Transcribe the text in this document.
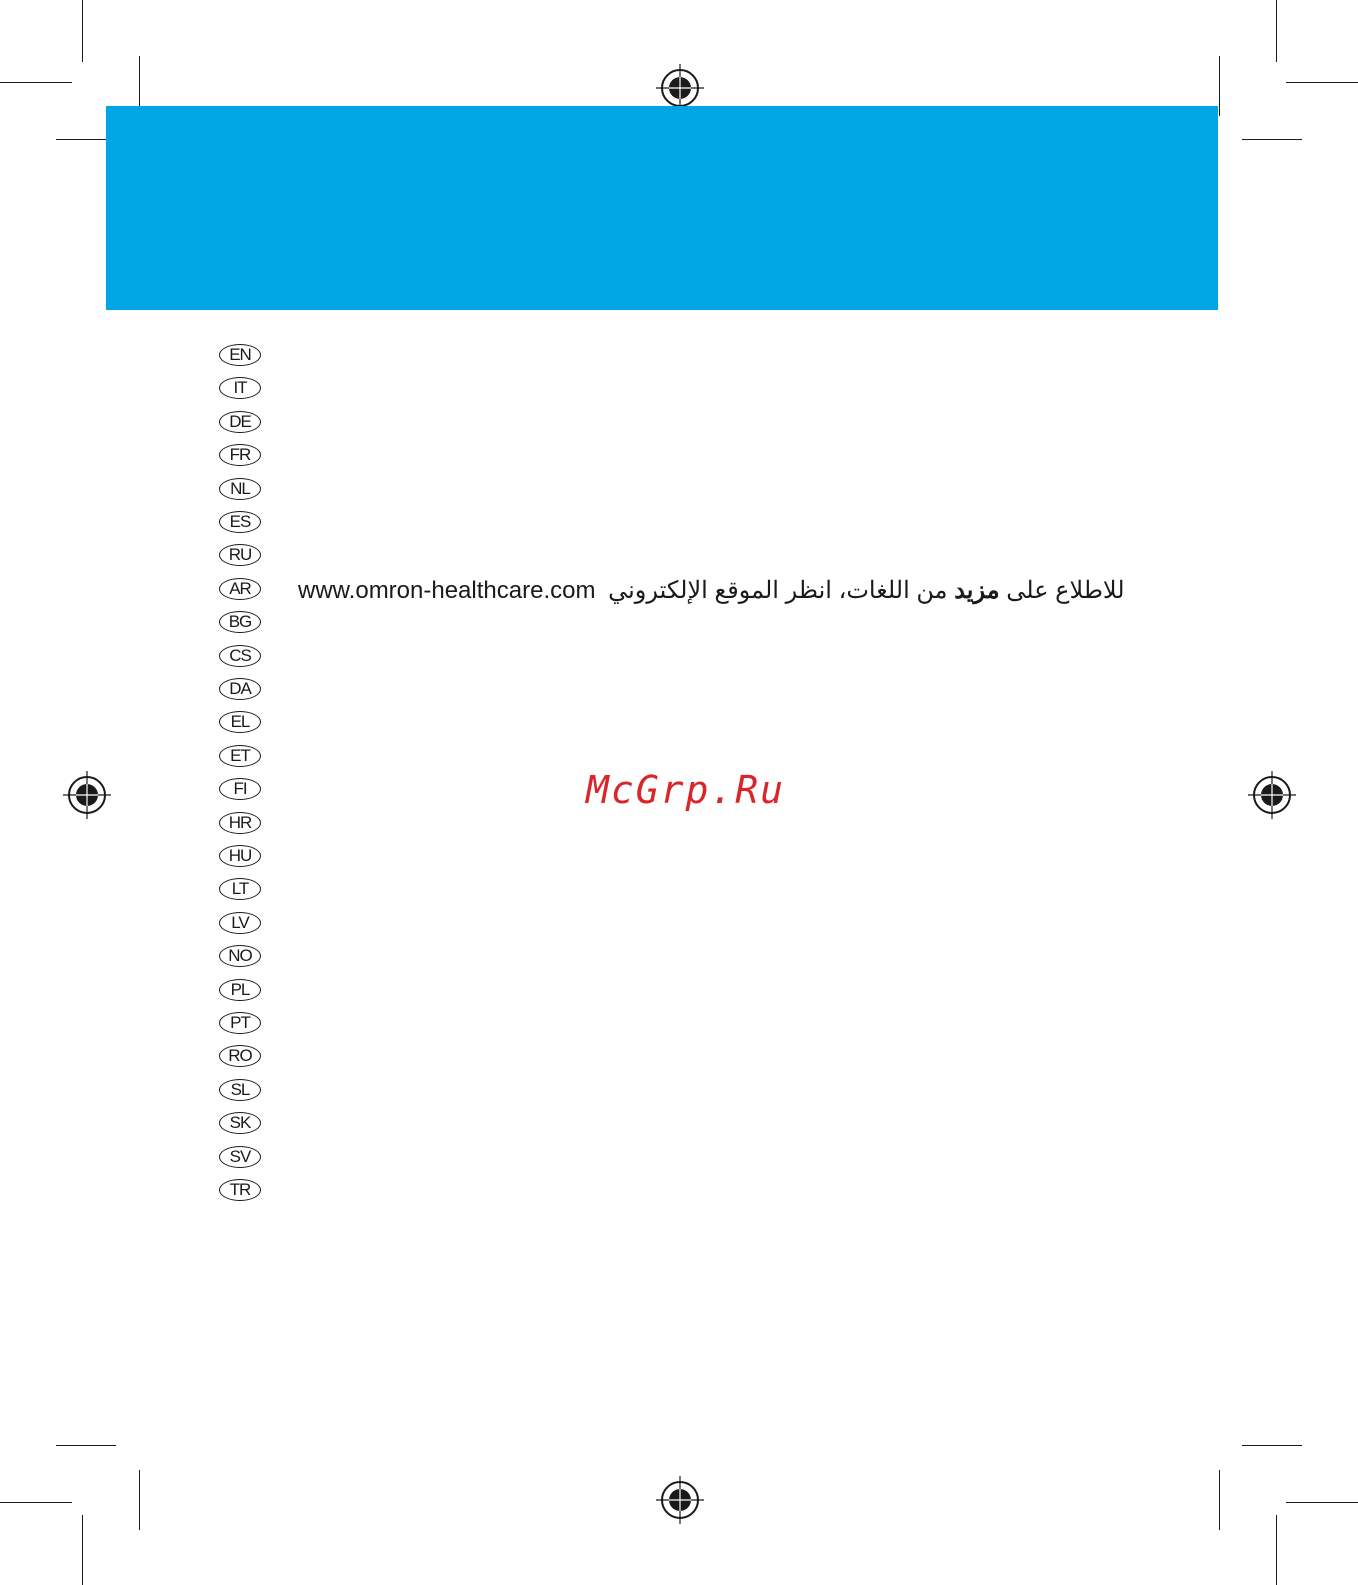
EN
IT
DE
FR
NL
ES
RU
AR
BG
CS
DA
EL
ET
FI
HR
HU
LT
LV
NO
PL
PT
RO
SL
SK
SV
TR
www.omron-healthcare.com	للاطلاع على مزيد من اللغات، انظر الموقع الإلكتروني
McGrp.Ru
